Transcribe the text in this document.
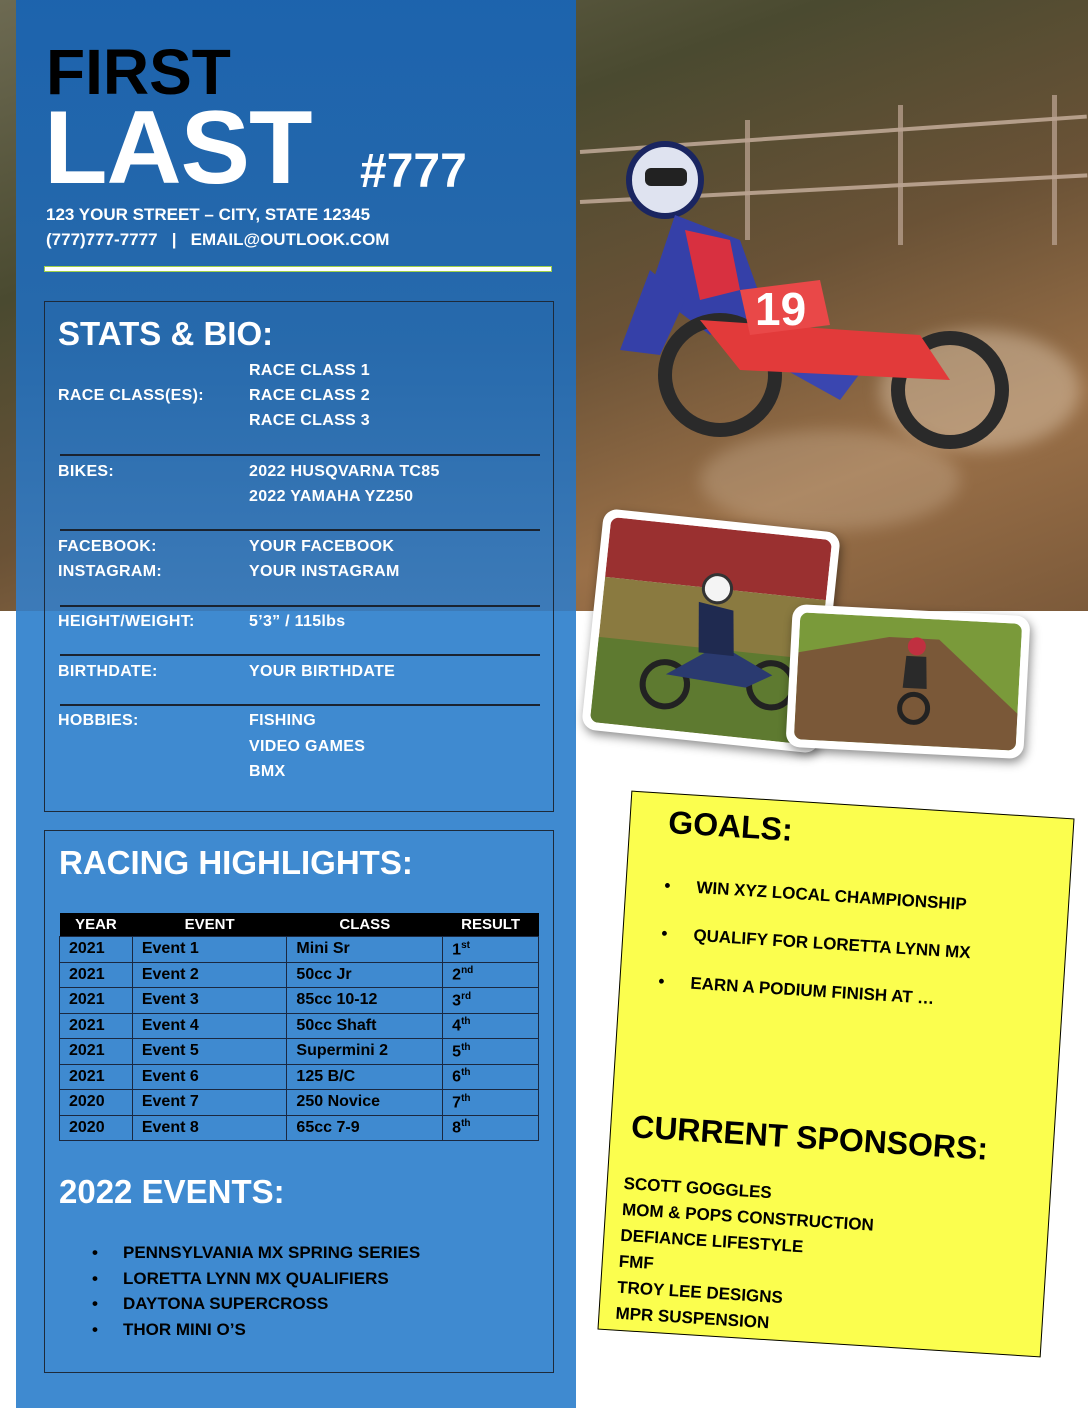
19
FIRST
LAST #777

123 YOUR STREET – CITY, STATE 12345

(777)777-7777   |   EMAIL@OUTLOOK.COM

STATS & BIO:

RACE CLASS(ES):

RACE CLASS 1

RACE CLASS 2

RACE CLASS 3

BIKES:	2022 HUSQVARNA TC85

2022 YAMAHA YZ250

FACEBOOK:	YOUR FACEBOOK

INSTAGRAM:	YOUR INSTAGRAM

HEIGHT/WEIGHT:	5’3” / 115lbs

BIRTHDATE:	YOUR BIRTHDATE

HOBBIES:	FISHING

VIDEO GAMES

BMX

RACING HIGHLIGHTS:
YEAR	EVENT	CLASS	RESULT
2021	Event 1	Mini Sr	1st
2021	Event 2	50cc Jr	2nd
2021	Event 3	85cc 10-12	3rd
2021	Event 4	50cc Shaft	4th
2021	Event 5	Supermini 2	5th
2021	Event 6	125 B/C	6th
2020	Event 7	250 Novice	7th
2020	Event 8	65cc 7-9	8th
2022 EVENTS:
• PENNSYLVANIA MX SPRING SERIES
• LORETTA LYNN MX QUALIFIERS
• DAYTONA SUPERCROSS
• THOR MINI O’S
GOALS:
• WIN XYZ LOCAL CHAMPIONSHIP
• QUALIFY FOR LORETTA LYNN MX
• EARN A PODIUM FINISH AT …
CURRENT SPONSORS:
SCOTT GOGGLES
MOM & POPS CONSTRUCTION
DEFIANCE LIFESTYLE
FMF
TROY LEE DESIGNS
MPR SUSPENSION
